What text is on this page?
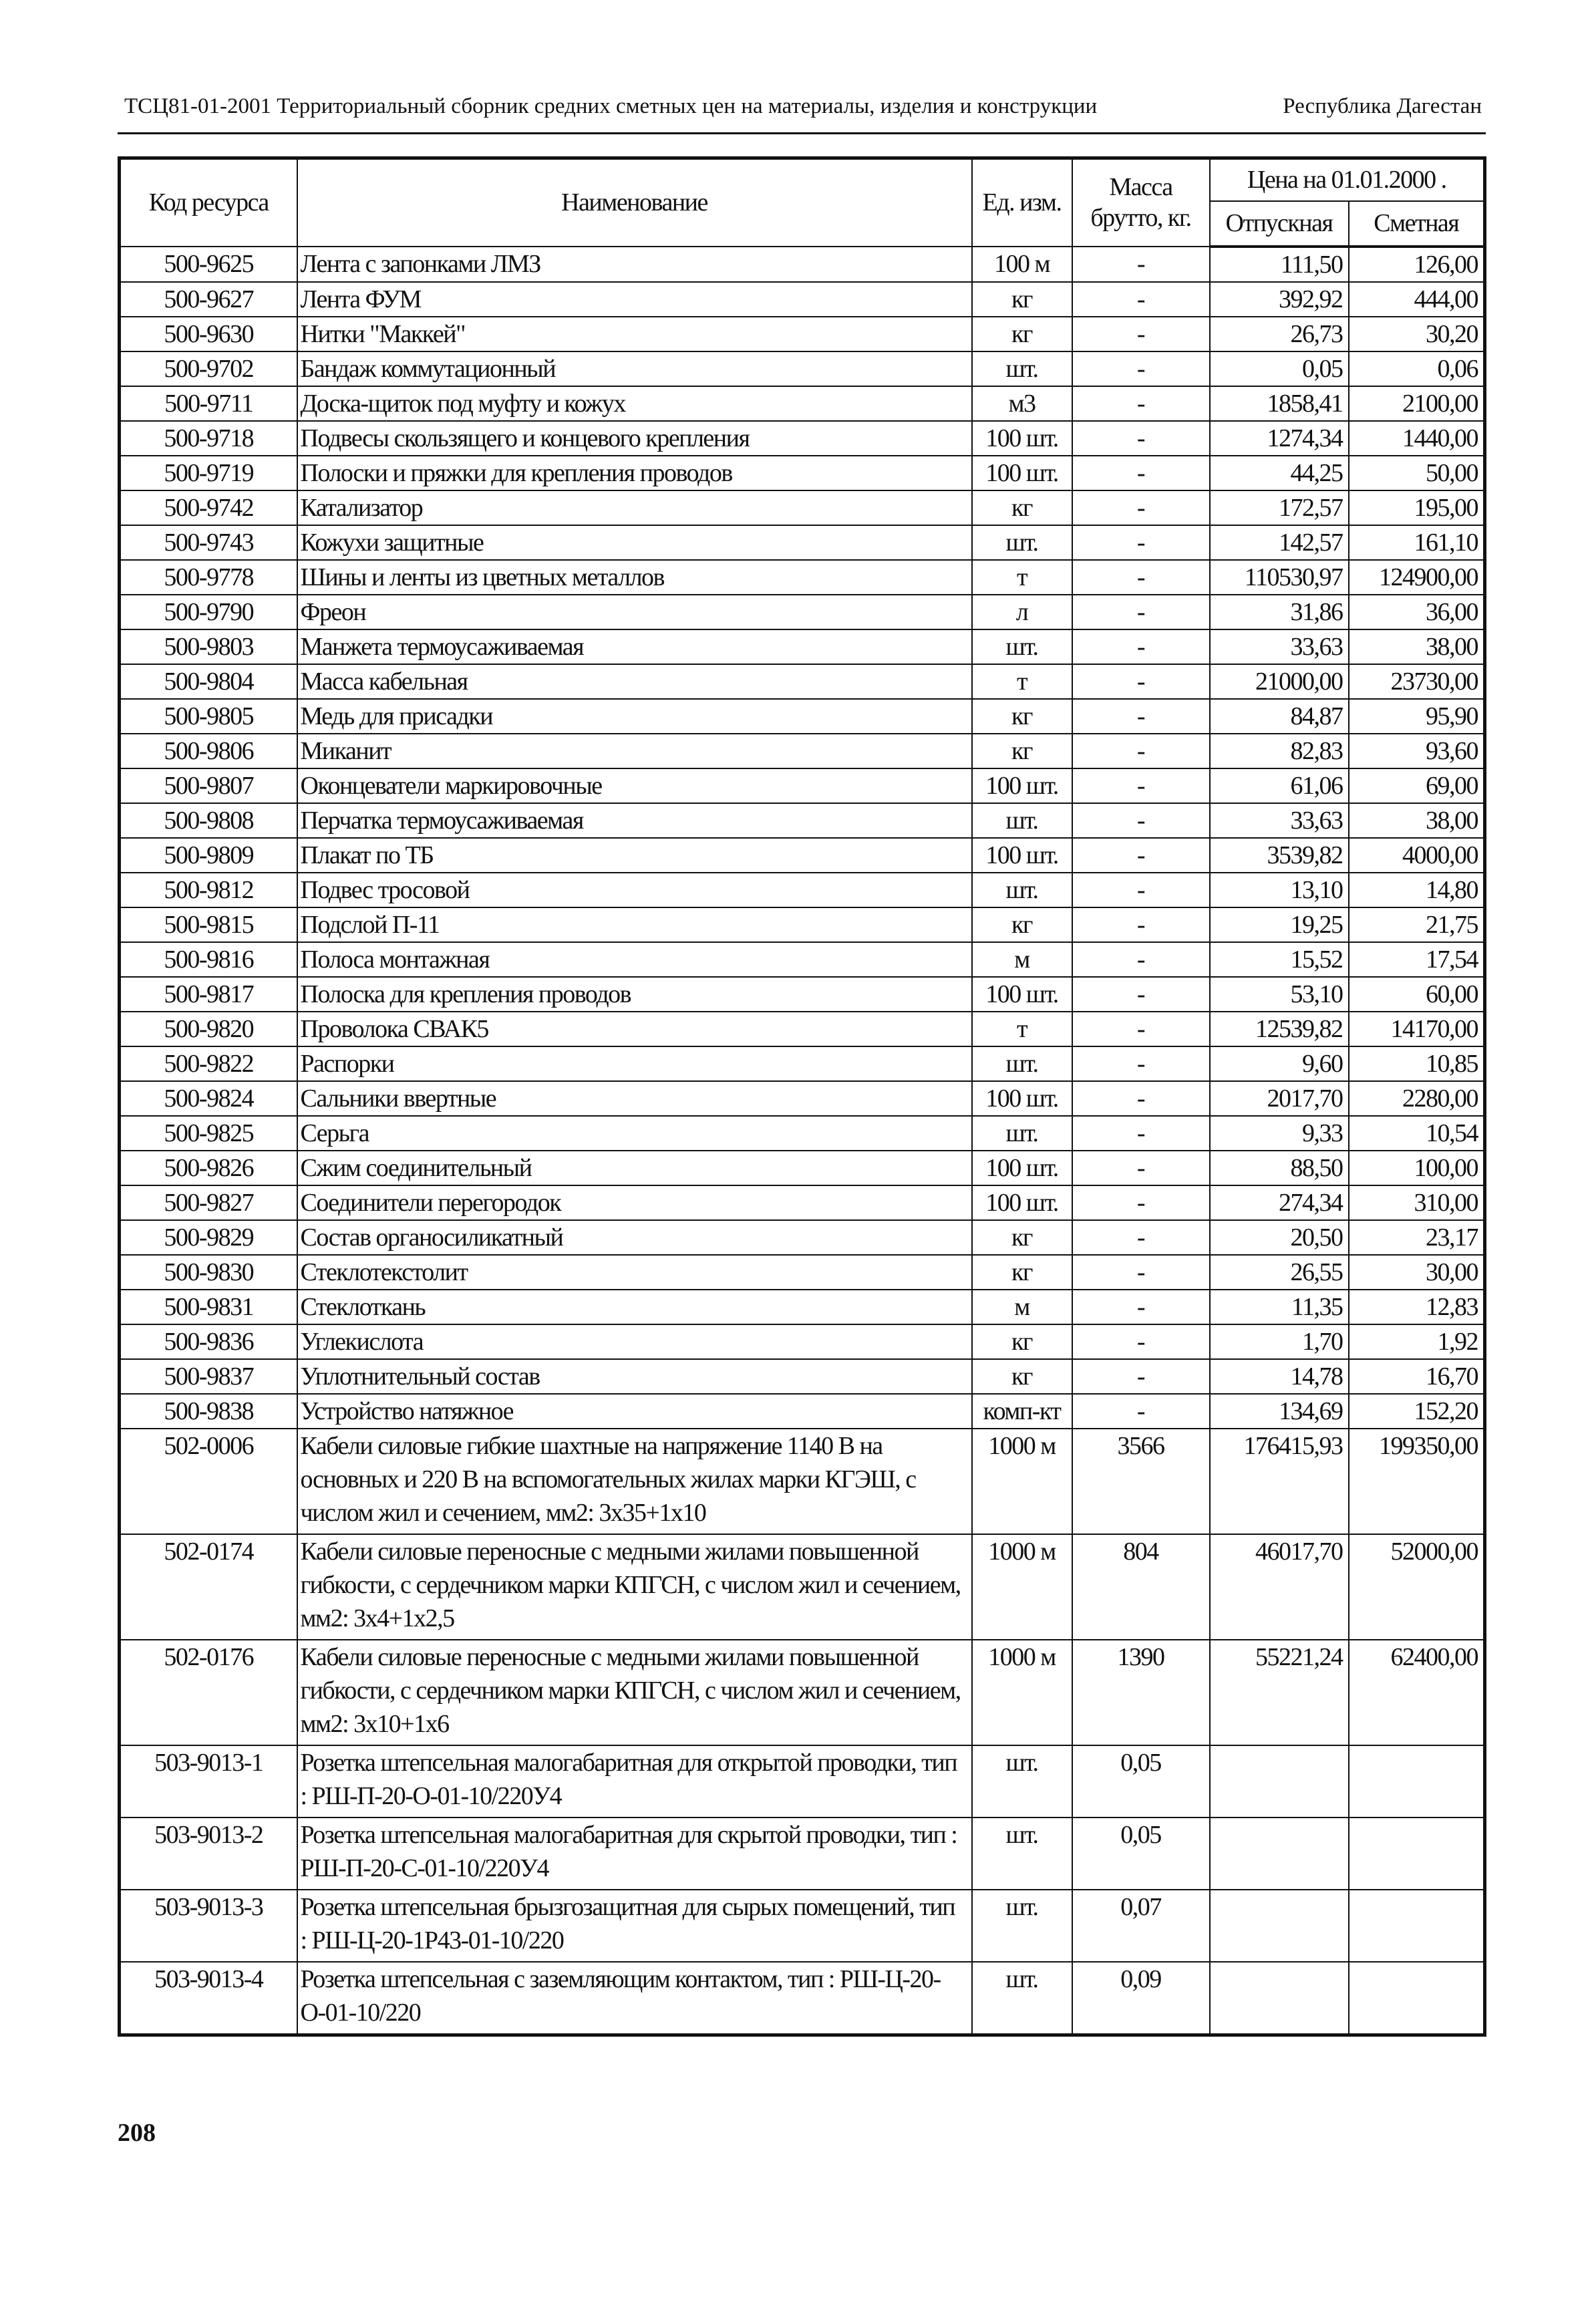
ТСЦ81-01-2001 Территориальный сборник средних сметных цен на материалы, изделия и конструкции	Республика Дагестан
Код ресурса	Наименование	Ед. изм.	Масса брутто, кг.	Цена на 01.01.2000 .	
				Отпускная	Сметная
500-9625	Лента с запонками ЛМЗ	100 м	-	111,50	126,00
500-9627	Лента ФУМ	кг	-	392,92	444,00
500-9630	Нитки "Маккей"	кг	-	26,73	30,20
500-9702	Бандаж коммутационный	шт.	-	0,05	0,06
500-9711	Доска-щиток под муфту и кожух	м3	-	1858,41	2100,00
500-9718	Подвесы скользящего и концевого крепления	100 шт.	-	1274,34	1440,00
500-9719	Полоски и пряжки для крепления проводов	100 шт.	-	44,25	50,00
500-9742	Катализатор	кг	-	172,57	195,00
500-9743	Кожухи защитные	шт.	-	142,57	161,10
500-9778	Шины и ленты из цветных металлов	т	-	110530,97	124900,00
500-9790	Фреон	л	-	31,86	36,00
500-9803	Манжета термоусаживаемая	шт.	-	33,63	38,00
500-9804	Масса кабельная	т	-	21000,00	23730,00
500-9805	Медь для присадки	кг	-	84,87	95,90
500-9806	Миканит	кг	-	82,83	93,60
500-9807	Оконцеватели маркировочные	100 шт.	-	61,06	69,00
500-9808	Перчатка термоусаживаемая	шт.	-	33,63	38,00
500-9809	Плакат по ТБ	100 шт.	-	3539,82	4000,00
500-9812	Подвес тросовой	шт.	-	13,10	14,80
500-9815	Подслой П-11	кг	-	19,25	21,75
500-9816	Полоса монтажная	м	-	15,52	17,54
500-9817	Полоска для крепления проводов	100 шт.	-	53,10	60,00
500-9820	Проволока СВАК5	т	-	12539,82	14170,00
500-9822	Распорки	шт.	-	9,60	10,85
500-9824	Сальники ввертные	100 шт.	-	2017,70	2280,00
500-9825	Серьга	шт.	-	9,33	10,54
500-9826	Сжим соединительный	100 шт.	-	88,50	100,00
500-9827	Соединители перегородок	100 шт.	-	274,34	310,00
500-9829	Состав органосиликатный	кг	-	20,50	23,17
500-9830	Стеклотекстолит	кг	-	26,55	30,00
500-9831	Стеклоткань	м	-	11,35	12,83
500-9836	Углекислота	кг	-	1,70	1,92
500-9837	Уплотнительный состав	кг	-	14,78	16,70
500-9838	Устройство натяжное	комп-кт	-	134,69	152,20
502-0006	Кабели силовые гибкие шахтные на напряжение 1140 В на основных и 220 В на вспомогательных жилах марки КГЭШ, с числом жил и сечением, мм2: 3х35+1х10	1000 м	3566	176415,93	199350,00
502-0174	Кабели силовые переносные с медными жилами повышенной гибкости, с сердечником марки КПГСН, с числом жил и сечением, мм2: 3х4+1х2,5	1000 м	804	46017,70	52000,00
502-0176	Кабели силовые переносные с медными жилами повышенной гибкости, с сердечником марки КПГСН, с числом жил и сечением, мм2: 3х10+1х6	1000 м	1390	55221,24	62400,00
503-9013-1	Розетка штепсельная малогабаритная для открытой проводки, тип : РШ-П-20-О-01-10/220У4	шт.	0,05		
503-9013-2	Розетка штепсельная малогабаритная для скрытой проводки, тип : РШ-П-20-С-01-10/220У4	шт.	0,05		
503-9013-3	Розетка штепсельная брызгозащитная для сырых помещений, тип : РШ-Ц-20-1Р43-01-10/220	шт.	0,07		
503-9013-4	Розетка штепсельная с заземляющим контактом, тип : РШ-Ц-20-О-01-10/220	шт.	0,09		
208
